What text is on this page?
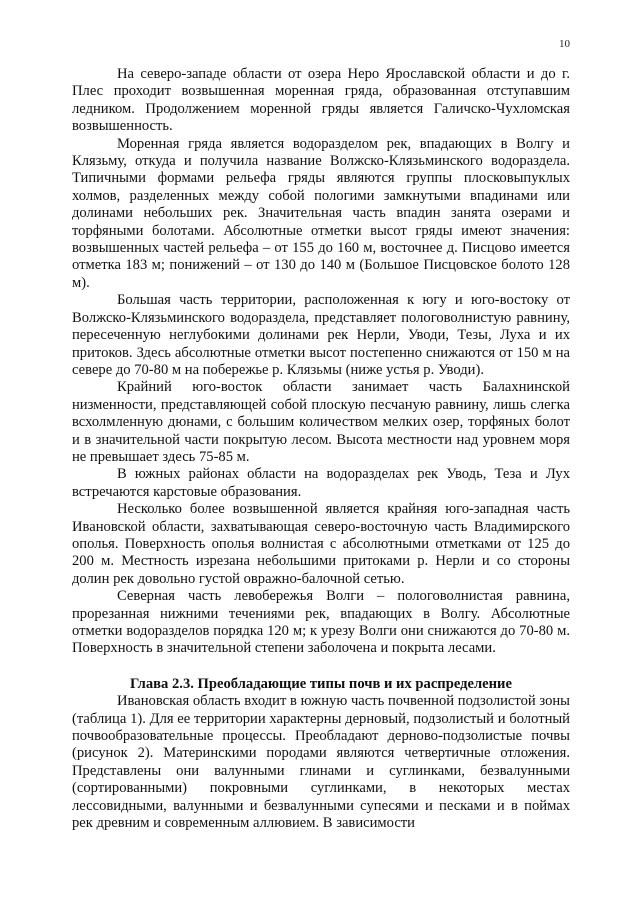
10

На северо-западе области от озера Неро Ярославской области и до г. Плес проходит возвышенная моренная гряда, образованная отступавшим ледником. Продолжением моренной гряды является Галичско-Чухломская возвышенность.

Моренная гряда является водоразделом рек, впадающих в Волгу и Клязьму, откуда и получила название Волжско-Клязьминского водораздела. Типичными формами рельефа гряды являются группы плосковыпуклых холмов, разделенных между собой пологими замкнутыми впадинами или долинами небольших рек. Значительная часть впадин занята озерами и торфяными болотами. Абсолютные отметки высот гряды имеют значения: возвышенных частей рельефа – от 155 до 160 м, восточнее д. Писцово имеется отметка 183 м; понижений – от 130 до 140 м (Большое Писцовское болото 128 м).

Большая часть территории, расположенная к югу и юго-востоку от Волжско-Клязьминского водораздела, представляет пологоволнистую равнину, пересеченную неглубокими долинами рек Нерли, Уводи, Тезы, Луха и их притоков. Здесь абсолютные отметки высот постепенно снижаются от 150 м на севере до 70-80 м на побережье р. Клязьмы (ниже устья р. Уводи).

Крайний юго-восток области занимает часть Балахнинской низменности, представляющей собой плоскую песчаную равнину, лишь слегка всхолмленную дюнами, с большим количеством мелких озер, торфяных болот и в значительной части покрытую лесом. Высота местности над уровнем моря не превышает здесь 75-85 м.

В южных районах области на водоразделах рек Уводь, Теза и Лух встречаются карстовые образования.

Несколько более возвышенной является крайняя юго-западная часть Ивановской области, захватывающая северо-восточную часть Владимирского ополья. Поверхность ополья волнистая с абсолютными отметками от 125 до 200 м. Местность изрезана небольшими притоками р. Нерли и со стороны долин рек довольно густой овражно-балочной сетью.

Северная часть левобережья Волги – пологоволнистая равнина, прорезанная нижними течениями рек, впадающих в Волгу. Абсолютные отметки водоразделов порядка 120 м; к урезу Волги они снижаются до 70-80 м. Поверхность в значительной степени заболочена и покрыта лесами.

Глава 2.3. Преобладающие типы почв и их распределение

Ивановская область входит в южную часть почвенной подзолистой зоны (таблица 1). Для ее территории характерны дерновый, подзолистый и болотный почвообразовательные процессы. Преобладают дерново-подзолистые почвы (рисунок 2). Материнскими породами являются четвертичные отложения. Представлены они валунными глинами и суглинками, безвалунными (сортированными) покровными суглинками, в некоторых местах лессовидными, валунными и безвалунными супесями и песками и в поймах рек древним и современным аллювием. В зависимости
